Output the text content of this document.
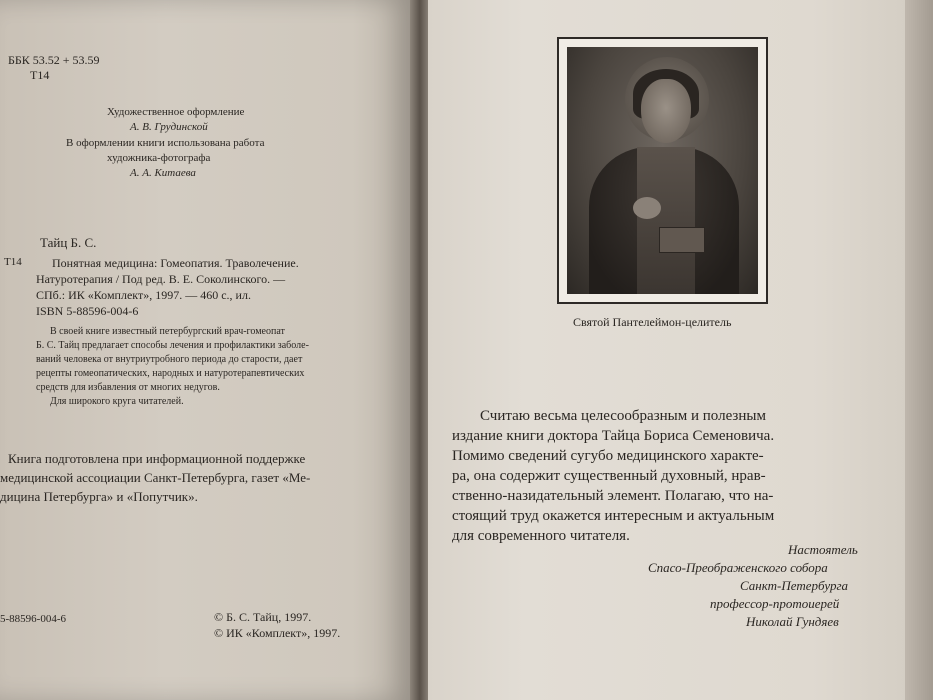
ББК 53.52 + 53.59
Т14
Художественное оформление
А. В. Грудинской
В оформлении книги использована работа
художника-фотографа
А. А. Китаева
Тайц Б. С.
Т14	Понятная медицина: Гомеопатия. Траволечение.
Натуротерапия / Под ред. В. Е. Соколинского. —
СПб.: ИК «Комплект», 1997. — 460 с., ил.
ISBN 5-88596-004-6
В своей книге известный петербургский врач-гомеопат
Б. С. Тайц предлагает способы лечения и профилактики заболе-
ваний человека от внутриутробного периода до старости, дает
рецепты гомеопатических, народных и натуротерапевтических
средств для избавления от многих недугов.
Для широкого круга читателей.
Книга подготовлена при информационной поддержке
медицинской ассоциации Санкт-Петербурга, газет «Ме-
дицина Петербурга» и «Попутчик».
5-88596-004-6	© Б. С. Тайц, 1997.
© ИК «Комплект», 1997.
Святой Пантелеймон-целитель
Считаю весьма целесообразным и полезным
издание книги доктора Тайца Бориса Семеновича.
Помимо сведений сугубо медицинского характе-
ра, она содержит существенный духовный, нрав-
ственно-назидательный элемент. Полагаю, что на-
стоящий труд окажется интересным и актуальным
для современного читателя.
Настоятель
Спасо-Преображенского собора
Санкт-Петербурга
профессор-протоиерей
Николай Гундяев
